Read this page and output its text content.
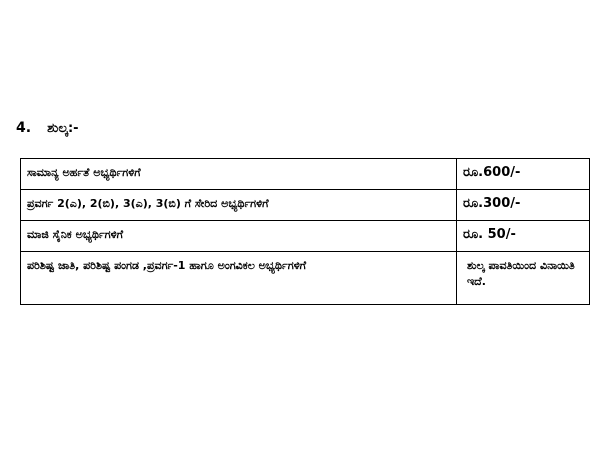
4. ಶುಲ್ಕ:-
ಸಾಮಾನ್ಯ ಅರ್ಹತೆ ಅಭ್ಯರ್ಥಿಗಳಿಗೆ	ರೂ.600/-
ಪ್ರವರ್ಗ 2(ಎ), 2(ಬಿ), 3(ಎ), 3(ಬಿ) ಗೆ ಸೇರಿದ ಅಭ್ಯರ್ಥಿಗಳಿಗೆ	ರೂ.300/-
ಮಾಜಿ ಸೈನಿಕ ಅಭ್ಯರ್ಥಿಗಳಿಗೆ	ರೂ. 50/-
ಪರಿಶಿಷ್ಟ ಜಾತಿ, ಪರಿಶಿಷ್ಟ ಪಂಗಡ ,ಪ್ರವರ್ಗ-1 ಹಾಗೂ ಅಂಗವಿಕಲ ಅಭ್ಯರ್ಥಿಗಳಿಗೆ	ಶುಲ್ಕ ಪಾವತಿಯಿಂದ ವಿನಾಯಿತಿ ಇದೆ.
